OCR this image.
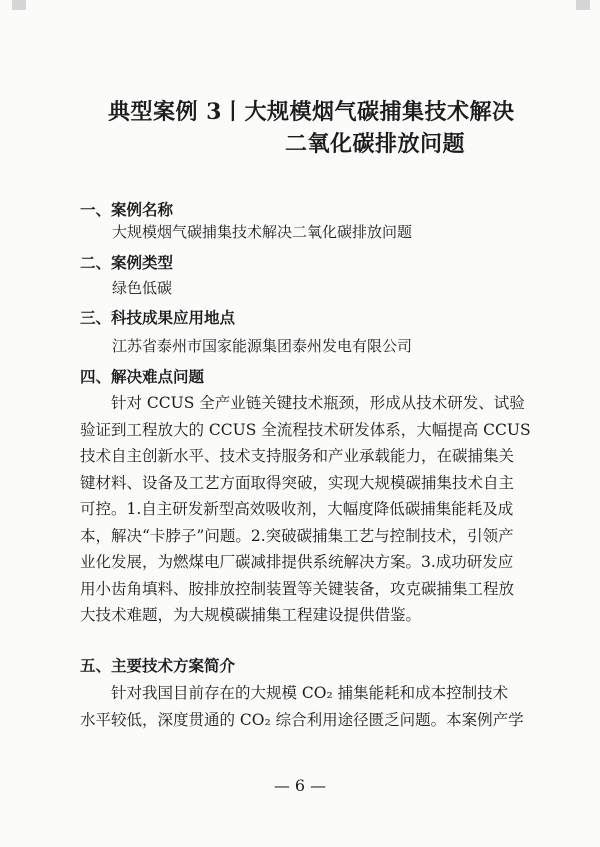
典型案例 3丨大规模烟气碳捕集技术解决
二氧化碳排放问题
一、案例名称
大规模烟气碳捕集技术解决二氧化碳排放问题
二、案例类型
绿色低碳
三、科技成果应用地点
江苏省泰州市国家能源集团泰州发电有限公司
四、解决难点问题
针对 CCUS 全产业链关键技术瓶颈，形成从技术研发、试验
验证到工程放大的 CCUS 全流程技术研发体系，大幅提高 CCUS
技术自主创新水平、技术支持服务和产业承载能力，在碳捕集关
键材料、设备及工艺方面取得突破，实现大规模碳捕集技术自主
可控。1.自主研发新型高效吸收剂，大幅度降低碳捕集能耗及成
本，解决“卡脖子”问题。2.突破碳捕集工艺与控制技术，引领产
业化发展，为燃煤电厂碳减排提供系统解决方案。3.成功研发应
用小齿角填料、胺排放控制装置等关键装备，攻克碳捕集工程放
大技术难题，为大规模碳捕集工程建设提供借鉴。
五、主要技术方案简介
针对我国目前存在的大规模 CO₂ 捕集能耗和成本控制技术
水平较低，深度贯通的 CO₂ 综合利用途径匮乏问题。本案例产学
— 6 —
